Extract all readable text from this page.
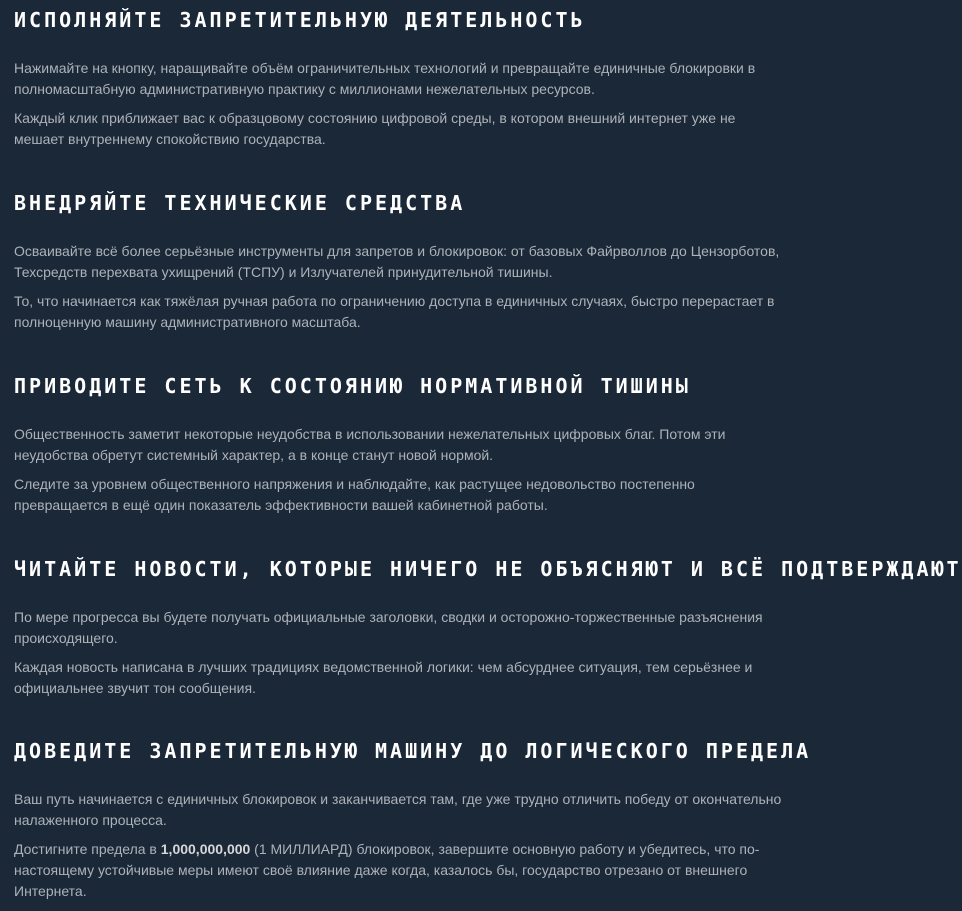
ИСПОЛНЯЙТЕ ЗАПРЕТИТЕЛЬНУЮ ДЕЯТЕЛЬНОСТЬ

Нажимайте на кнопку, наращивайте объём ограничительных технологий и превращайте единичные блокировки в полномасштабную административную практику с миллионами нежелательных ресурсов.

Каждый клик приближает вас к образцовому состоянию цифровой среды, в котором внешний интернет уже не мешает внутреннему спокойствию государства.

ВНЕДРЯЙТЕ ТЕХНИЧЕСКИЕ СРЕДСТВА

Осваивайте всё более серьёзные инструменты для запретов и блокировок: от базовых Файрволлов до Цензорботов, Техсредств перехвата ухищрений (ТСПУ) и Излучателей принудительной тишины.

То, что начинается как тяжёлая ручная работа по ограничению доступа в единичных случаях, быстро перерастает в полноценную машину административного масштаба.

ПРИВОДИТЕ СЕТЬ К СОСТОЯНИЮ НОРМАТИВНОЙ ТИШИНЫ

Общественность заметит некоторые неудобства в использовании нежелательных цифровых благ. Потом эти неудобства обретут системный характер, а в конце станут новой нормой.

Следите за уровнем общественного напряжения и наблюдайте, как растущее недовольство постепенно превращается в ещё один показатель эффективности вашей кабинетной работы.

ЧИТАЙТЕ НОВОСТИ, КОТОРЫЕ НИЧЕГО НЕ ОБЪЯСНЯЮТ И ВСЁ ПОДТВЕРЖДАЮТ

По мере прогресса вы будете получать официальные заголовки, сводки и осторожно-торжественные разъяснения происходящего.

Каждая новость написана в лучших традициях ведомственной логики: чем абсурднее ситуация, тем серьёзнее и официальнее звучит тон сообщения.

ДОВЕДИТЕ ЗАПРЕТИТЕЛЬНУЮ МАШИНУ ДО ЛОГИЧЕСКОГО ПРЕДЕЛА

Ваш путь начинается с единичных блокировок и заканчивается там, где уже трудно отличить победу от окончательно налаженного процесса.

Достигните предела в 1,000,000,000 (1 МИЛЛИАРД) блокировок, завершите основную работу и убедитесь, что по-настоящему устойчивые меры имеют своё влияние даже когда, казалось бы, государство отрезано от внешнего Интернета.
